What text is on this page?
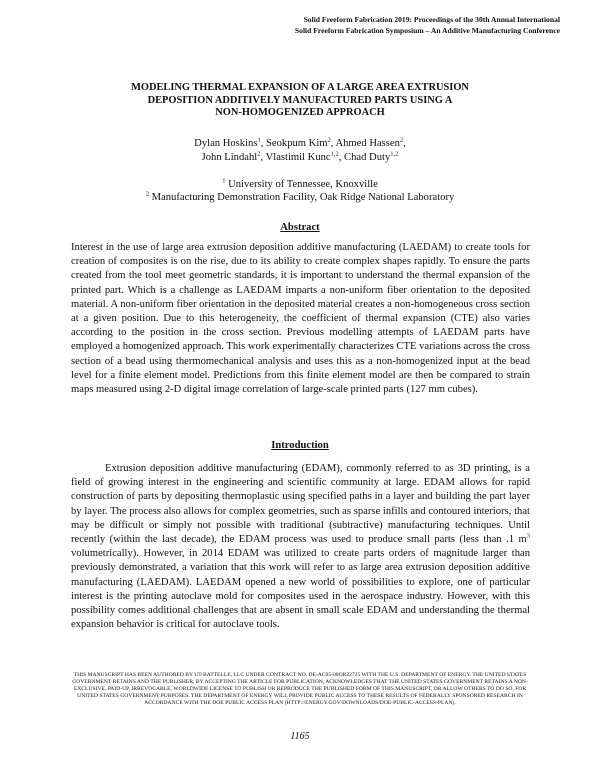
Solid Freeform Fabrication 2019: Proceedings of the 30th Annual International
Solid Freeform Fabrication Symposium – An Additive Manufacturing Conference
MODELING THERMAL EXPANSION OF A LARGE AREA EXTRUSION
DEPOSITION ADDITIVELY MANUFACTURED PARTS USING A
NON-HOMOGENIZED APPROACH
Dylan Hoskins$^1$, Seokpum Kim$^2$, Ahmed Hassen$^2$,
John Lindahl$^2$, Vlastimil Kunc$^{1,2}$, Chad Duty$^{1,2}$
$^1$ University of Tennessee, Knoxville
$^2$ Manufacturing Demonstration Facility, Oak Ridge National Laboratory
Abstract

Interest in the use of large area extrusion deposition additive manufacturing (LAEDAM) to create tools for creation of composites is on the rise, due to its ability to create complex shapes rapidly. To ensure the parts created from the tool meet geometric standards, it is important to understand the thermal expansion of the printed part. Which is a challenge as LAEDAM imparts a non-uniform fiber orientation to the deposited material. A non-uniform fiber orientation in the deposited material creates a non-homogeneous cross section at a given position. Due to this heterogeneity, the coefficient of thermal expansion (CTE) also varies according to the position in the cross section. Previous modelling attempts of LAEDAM parts have employed a homogenized approach. This work experimentally characterizes CTE variations across the cross section of a bead using thermomechanical analysis and uses this as a non-homogenized input at the bead level for a finite element model. Predictions from this finite element model are then be compared to strain maps measured using 2-D digital image correlation of large-scale printed parts (127 mm cubes).

Introduction

Extrusion deposition additive manufacturing (EDAM), commonly referred to as 3D printing, is a field of growing interest in the engineering and scientific community at large. EDAM allows for rapid construction of parts by depositing thermoplastic using specified paths in a layer and building the part layer by layer. The process also allows for complex geometries, such as sparse infills and contoured interiors, that may be difficult or simply not possible with traditional (subtractive) manufacturing techniques. Until recently (within the last decade), the EDAM process was used to produce small parts (less than .1 $m^3$ volumetrically). However, in 2014 EDAM was utilized to create parts orders of magnitude larger than previously demonstrated, a variation that this work will refer to as large area extrusion deposition additive manufacturing (LAEDAM). LAEDAM opened a new world of possibilities to explore, one of particular interest is the printing autoclave mold for composites used in the aerospace industry. However, with this possibility comes additional challenges that are absent in small scale EDAM and understanding the thermal expansion behavior is critical for autoclave tools.

THIS MANUSCRIPT HAS BEEN AUTHORED BY UT-BATTELLE, LLC UNDER CONTRACT NO. DE-AC05-00OR22725 WITH THE U.S. DEPARTMENT OF ENERGY. THE UNITED STATES GOVERNMENT RETAINS AND THE PUBLISHER, BY ACCEPTING THE ARTICLE FOR PUBLICATION, ACKNOWLEDGES THAT THE UNITED STATES GOVERNMENT RETAINS A NON-EXCLUSIVE, PAID-UP, IRREVOCABLE, WORLDWIDE LICENSE TO PUBLISH OR REPRODUCE THE PUBLISHED FORM OF THIS MANUSCRIPT, OR ALLOW OTHERS TO DO SO, FOR UNITED STATES GOVERNMENT PURPOSES. THE DEPARTMENT OF ENERGY WILL PROVIDE PUBLIC ACCESS TO THESE RESULTS OF FEDERALLY SPONSORED RESEARCH IN ACCORDANCE WITH THE DOE PUBLIC ACCESS PLAN (HTTP://ENERGY.GOV/DOWNLOADS/DOE-PUBLIC-ACCESS-PLAN).
1165
